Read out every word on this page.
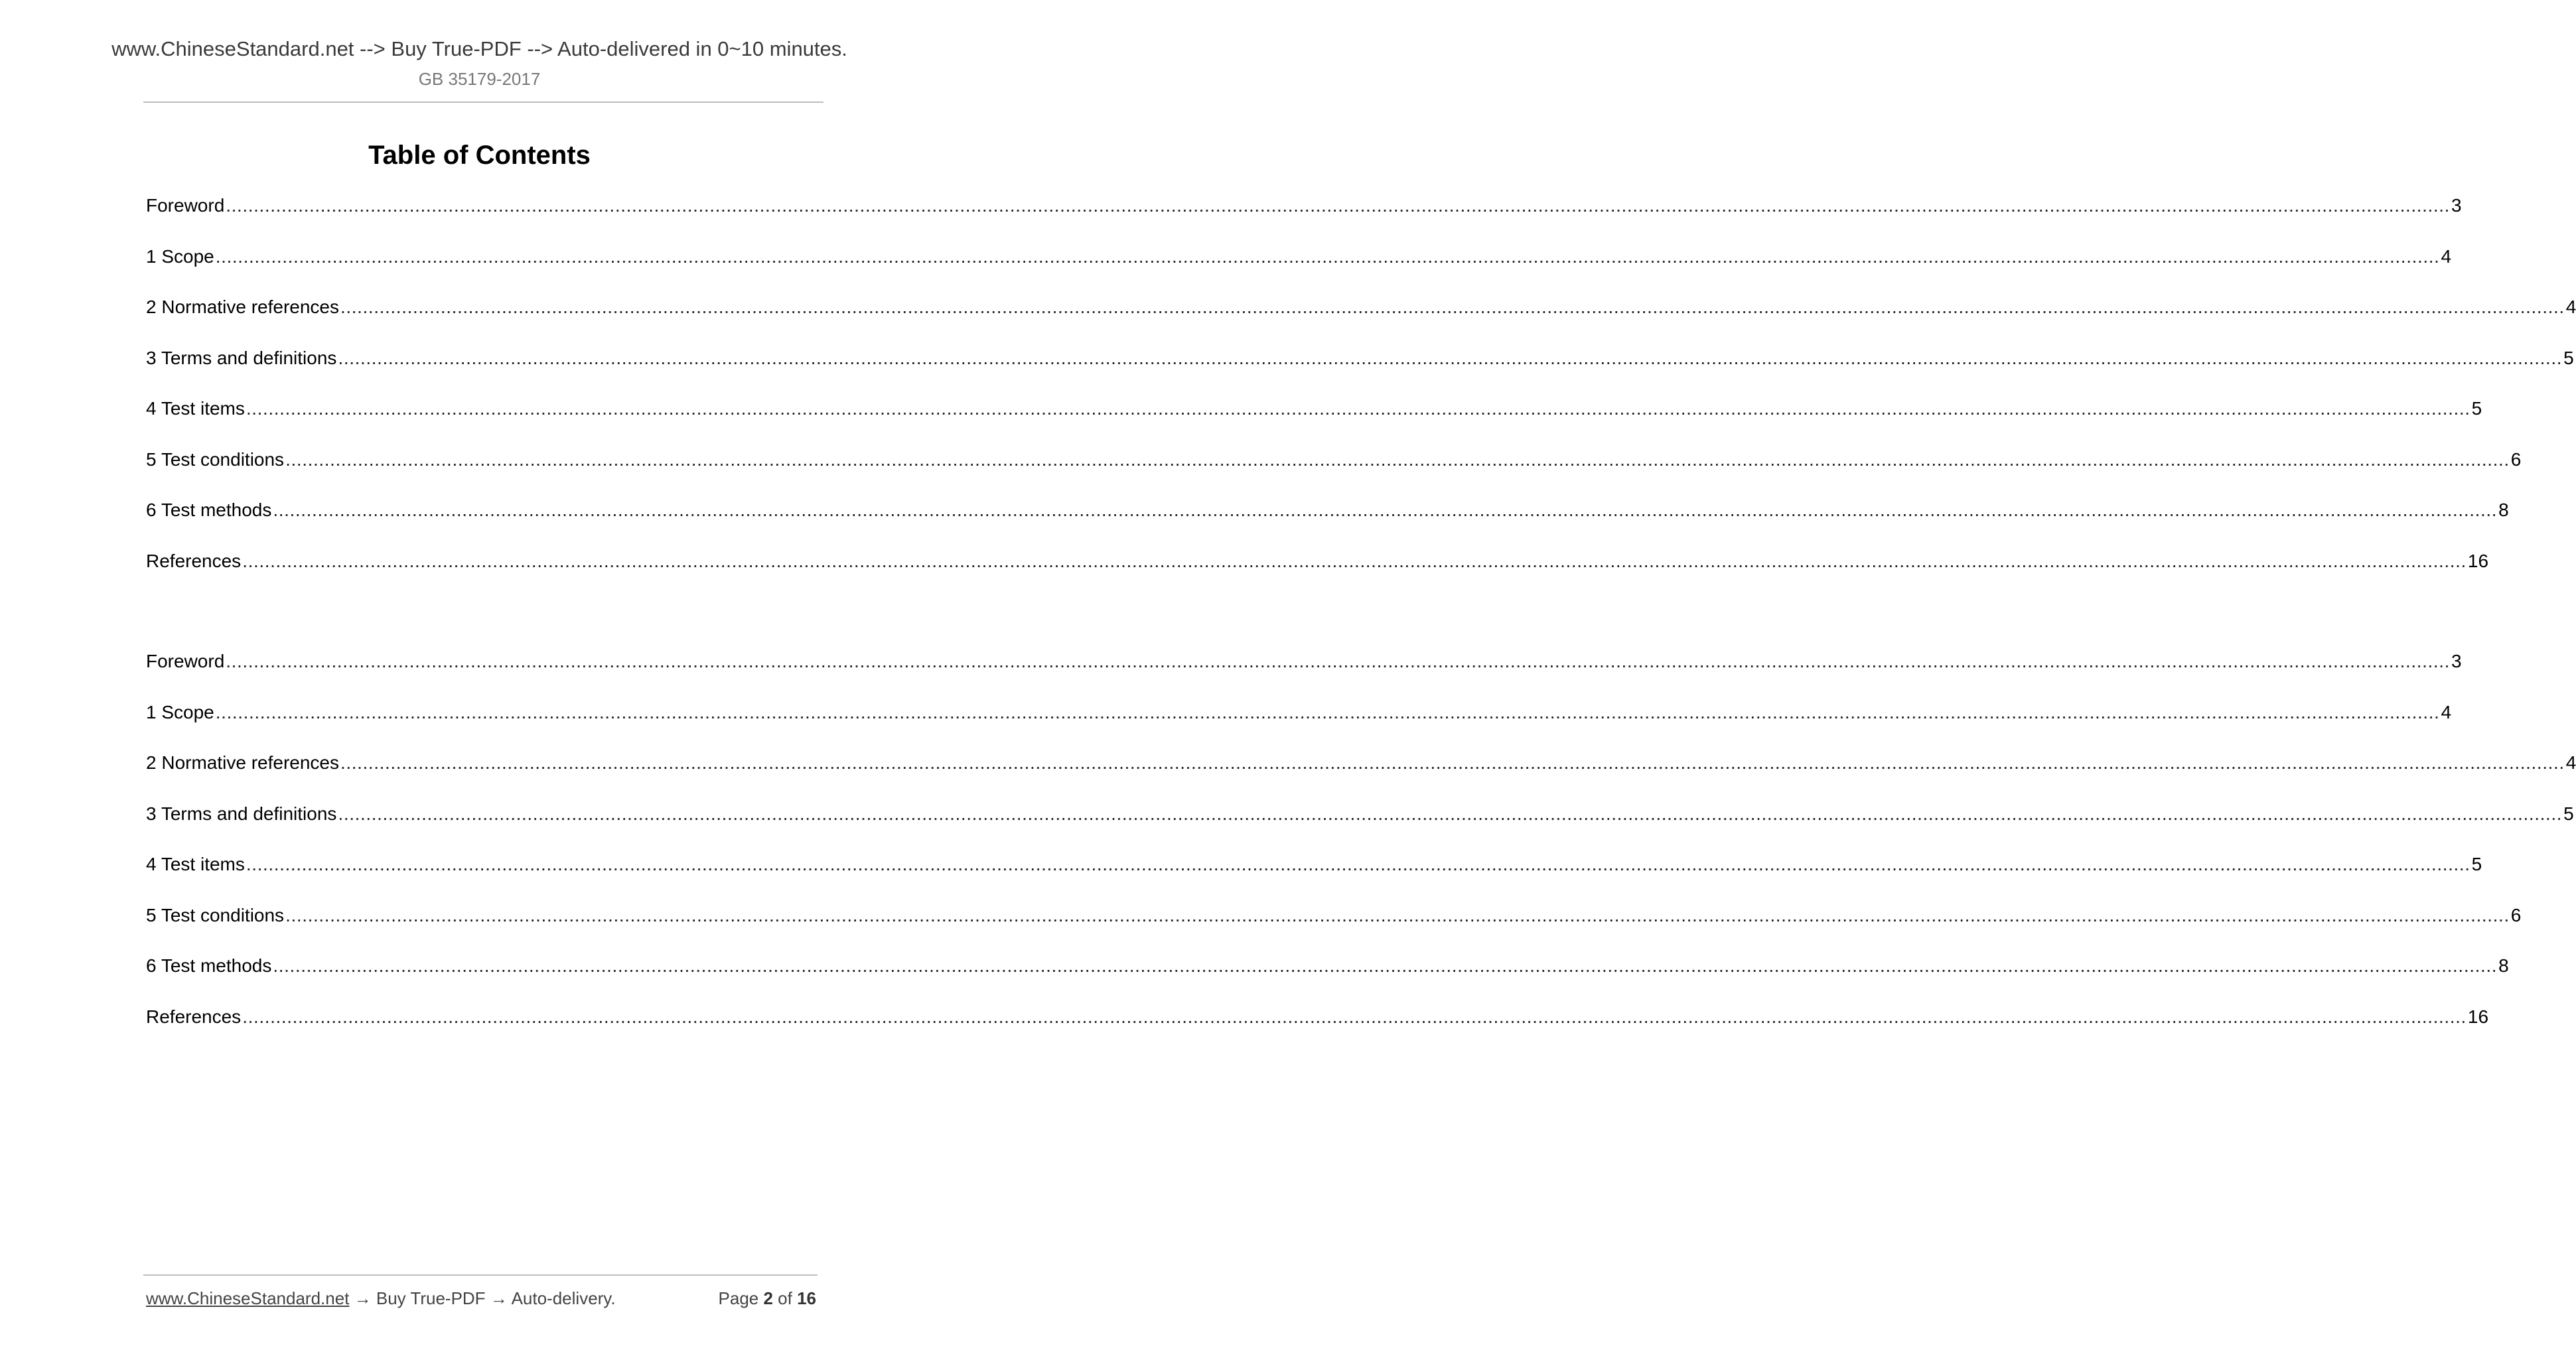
www.ChineseStandard.net --> Buy True-PDF --> Auto-delivered in 0~10 minutes.
GB 35179-2017
Table of Contents
Foreword ................................................................................................................................................................................................................................................................................................................................................................................................................ 3
1 Scope ................................................................................................................................................................................................................................................................................................................................................................................................................ 4
2 Normative references ................................................................................................................................................................................................................................................................................................................................................................................................................ 4
3 Terms and definitions ................................................................................................................................................................................................................................................................................................................................................................................................................ 5
4 Test items ................................................................................................................................................................................................................................................................................................................................................................................................................ 5
5 Test conditions ................................................................................................................................................................................................................................................................................................................................................................................................................ 6
6 Test methods ................................................................................................................................................................................................................................................................................................................................................................................................................ 8
References ................................................................................................................................................................................................................................................................................................................................................................................................................ 16
Foreword ................................................................................................................................................................................................................................................................................................................................................................................................................ 3
1 Scope ................................................................................................................................................................................................................................................................................................................................................................................................................ 4
2 Normative references ................................................................................................................................................................................................................................................................................................................................................................................................................ 4
3 Terms and definitions ................................................................................................................................................................................................................................................................................................................................................................................................................ 5
4 Test items ................................................................................................................................................................................................................................................................................................................................................................................................................ 5
5 Test conditions ................................................................................................................................................................................................................................................................................................................................................................................................................ 6
6 Test methods ................................................................................................................................................................................................................................................................................................................................................................................................................ 8
References ................................................................................................................................................................................................................................................................................................................................................................................................................ 16
www.ChineseStandard.net → Buy True-PDF → Auto-delivery.	Page 2 of 16
